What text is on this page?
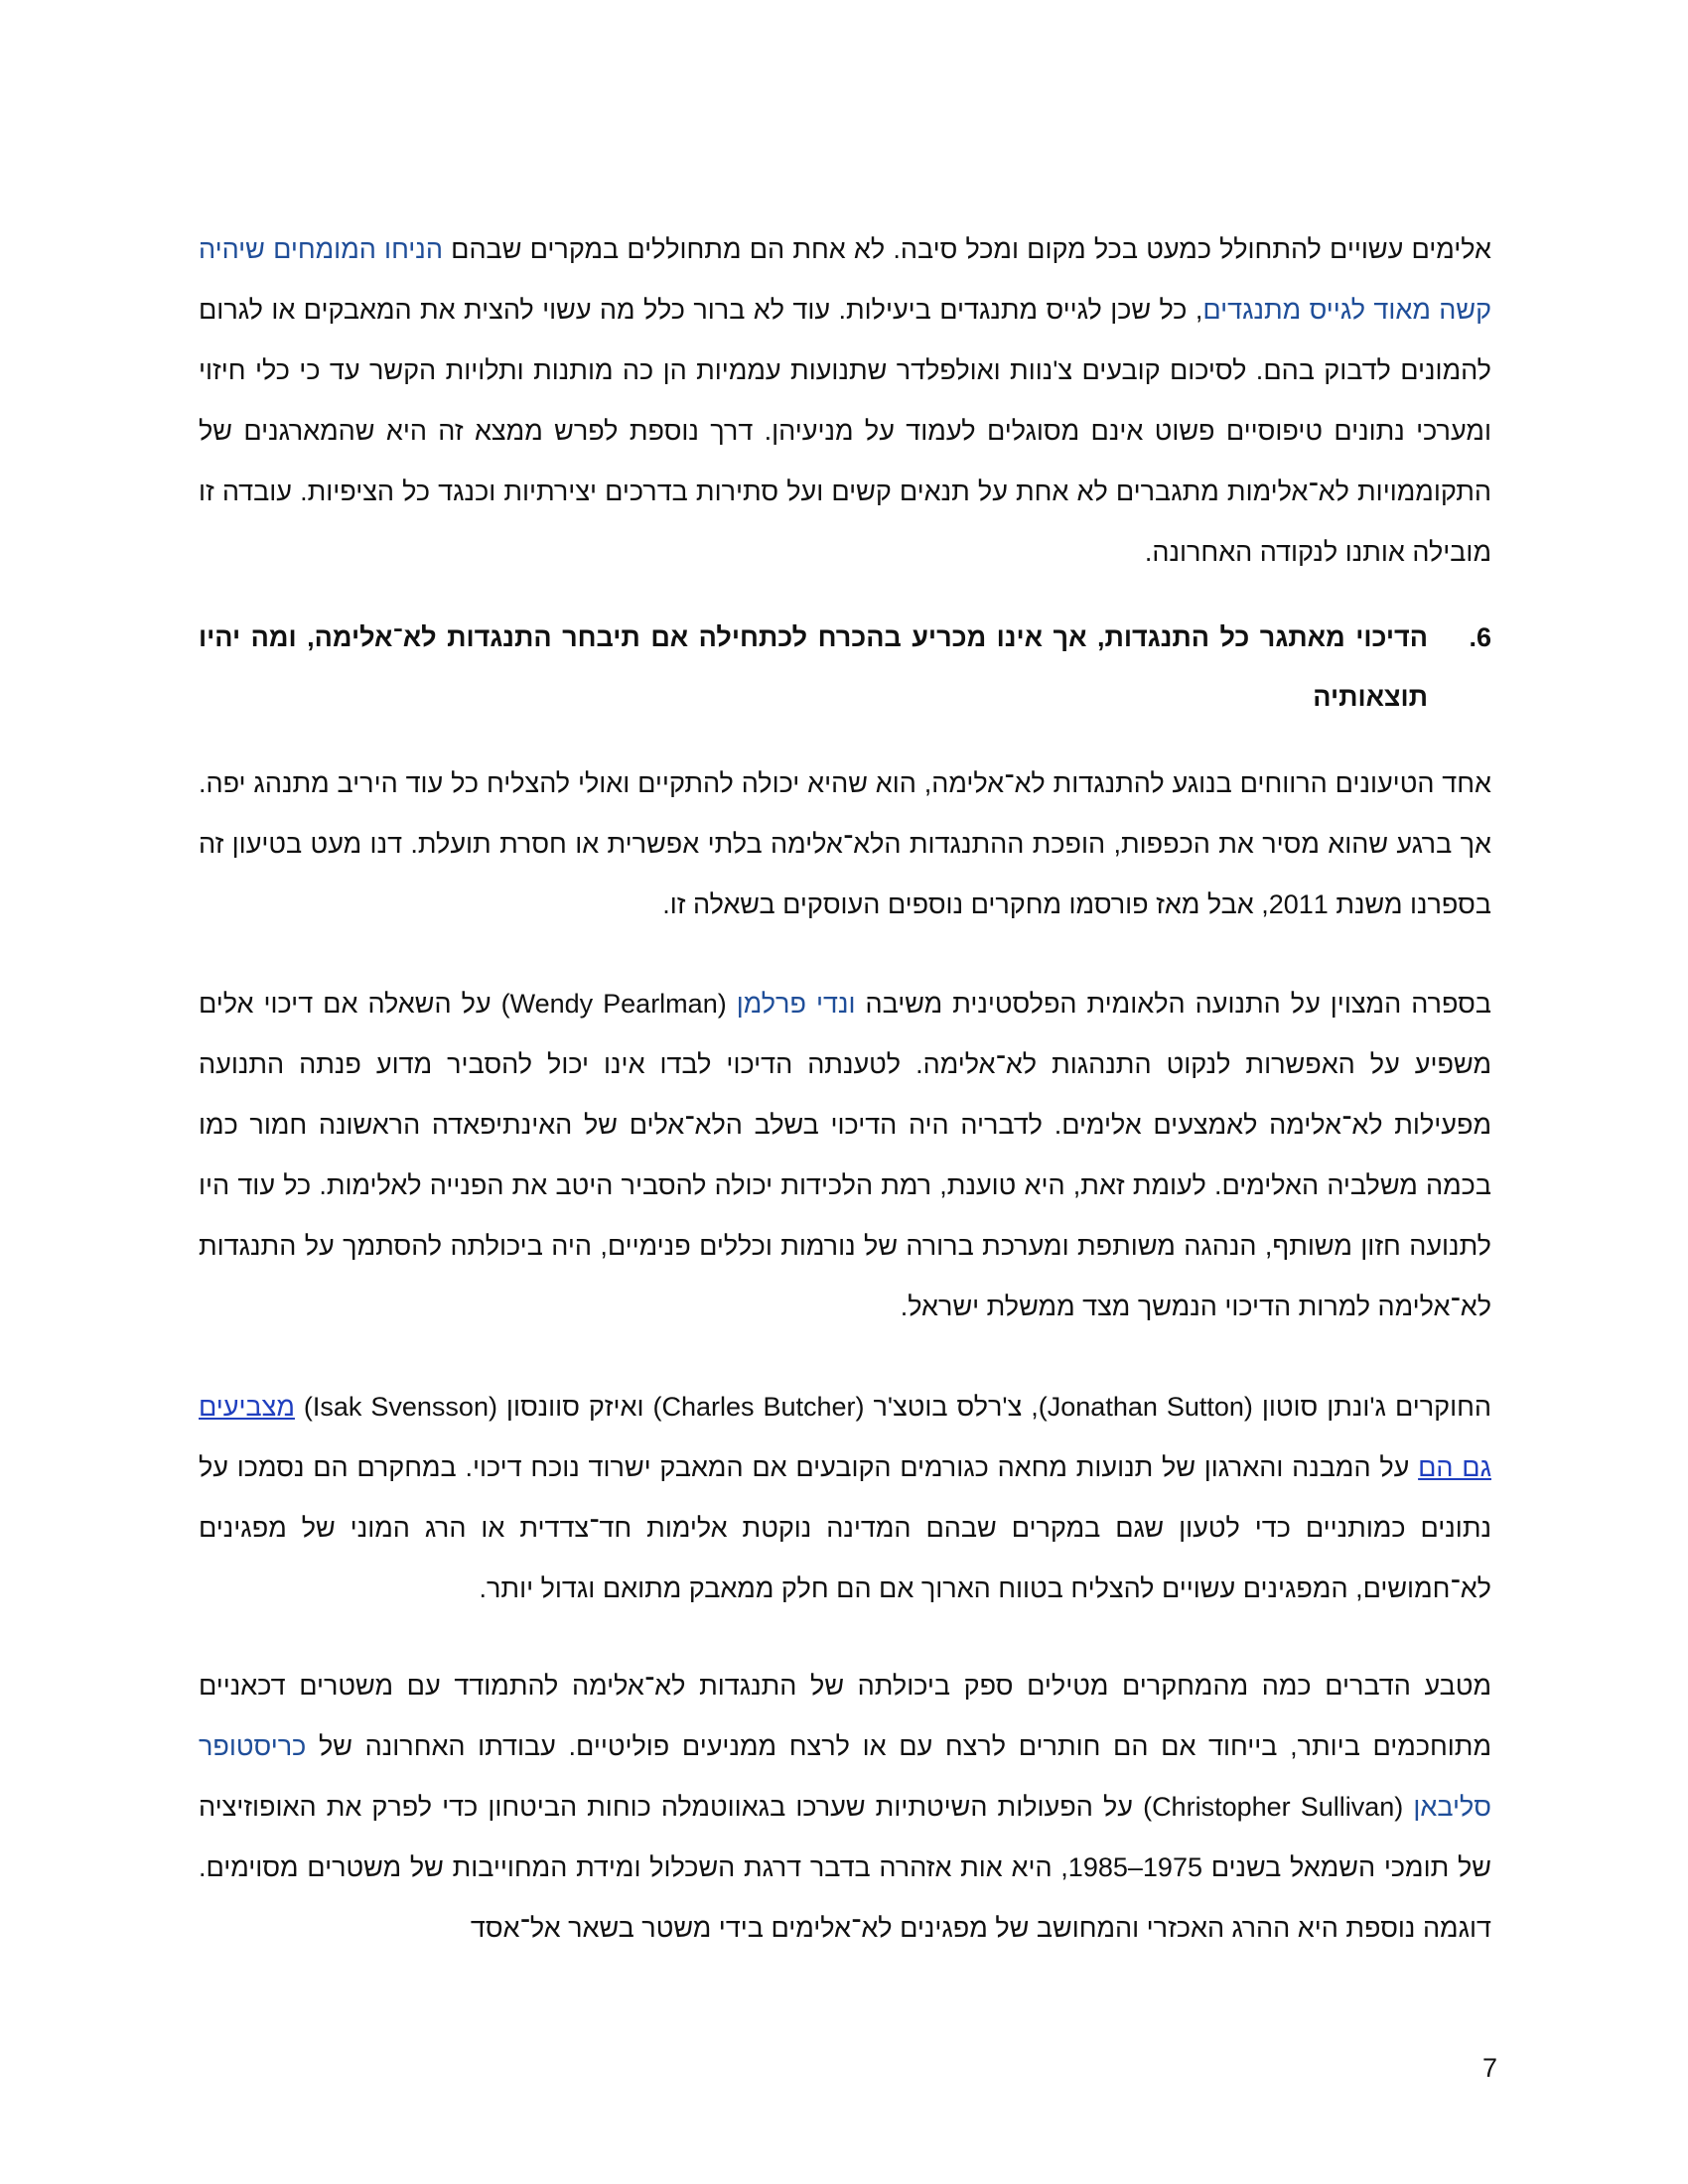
אלימים עשויים להתחולל כמעט בכל מקום ומכל סיבה. לא אחת הם מתחוללים במקרים שבהם הניחו המומחים שיהיה קשה מאוד לגייס מתנגדים, כל שכן לגייס מתנגדים ביעילות. עוד לא ברור כלל מה עשוי להצית את המאבקים או לגרום להמונים לדבוק בהם. לסיכום קובעים צ'נוות ואולפלדר שתנועות עממיות הן כה מותנות ותלויות הקשר עד כי כלי חיזוי ומערכי נתונים טיפוסיים פשוט אינם מסוגלים לעמוד על מניעיהן. דרך נוספת לפרש ממצא זה היא שהמארגנים של התקוממויות לא־אלימות מתגברים לא אחת על תנאים קשים ועל סתירות בדרכים יצירתיות וכנגד כל הציפיות. עובדה זו מובילה אותנו לנקודה האחרונה.

6.
הדיכוי מאתגר כל התנגדות, אך אינו מכריע בהכרח לכתחילה אם תיבחר התנגדות לא־אלימה, ומה יהיו תוצאותיה

אחד הטיעונים הרווחים בנוגע להתנגדות לא־אלימה, הוא שהיא יכולה להתקיים ואולי להצליח כל עוד היריב מתנהג יפה. אך ברגע שהוא מסיר את הכפפות, הופכת ההתנגדות הלא־אלימה בלתי אפשרית או חסרת תועלת. דנו מעט בטיעון זה בספרנו משנת 2011, אבל מאז פורסמו מחקרים נוספים העוסקים בשאלה זו.

בספרה המצוין על התנועה הלאומית הפלסטינית משיבה ונדי פרלמן (Wendy Pearlman) על השאלה אם דיכוי אלים משפיע על האפשרות לנקוט התנהגות לא־אלימה. לטענתה הדיכוי לבדו אינו יכול להסביר מדוע פנתה התנועה מפעילות לא־אלימה לאמצעים אלימים. לדבריה היה הדיכוי בשלב הלא־אלים של האינתיפאדה הראשונה חמור כמו בכמה משלביה האלימים. לעומת זאת, היא טוענת, רמת הלכידות יכולה להסביר היטב את הפנייה לאלימות. כל עוד היו לתנועה חזון משותף, הנהגה משותפת ומערכת ברורה של נורמות וכללים פנימיים, היה ביכולתה להסתמך על התנגדות לא־אלימה למרות הדיכוי הנמשך מצד ממשלת ישראל.

החוקרים ג'ונתן סוטון (Jonathan Sutton), צ'רלס בוטצ'ר (Charles Butcher) ואיזק סוונסון (Isak Svensson) מצביעים גם הם על המבנה והארגון של תנועות מחאה כגורמים הקובעים אם המאבק ישרוד נוכח דיכוי. במחקרם הם נסמכו על נתונים כמותניים כדי לטעון שגם במקרים שבהם המדינה נוקטת אלימות חד־צדדית או הרג המוני של מפגינים לא־חמושים, המפגינים עשויים להצליח בטווח הארוך אם הם חלק ממאבק מתואם וגדול יותר.

מטבע הדברים כמה מהמחקרים מטילים ספק ביכולתה של התנגדות לא־אלימה להתמודד עם משטרים דכאניים מתוחכמים ביותר, בייחוד אם הם חותרים לרצח עם או לרצח ממניעים פוליטיים. עבודתו האחרונה של כריסטופר סליבאן (Christopher Sullivan) על הפעולות השיטתיות שערכו בגאווטמלה כוחות הביטחון כדי לפרק את האופוזיציה של תומכי השמאל בשנים 1975–1985, היא אות אזהרה בדבר דרגת השכלול ומידת המחוייבות של משטרים מסוימים. דוגמה נוספת היא ההרג האכזרי והמחושב של מפגינים לא־אלימים בידי משטר בשאר אל־אסד

7
